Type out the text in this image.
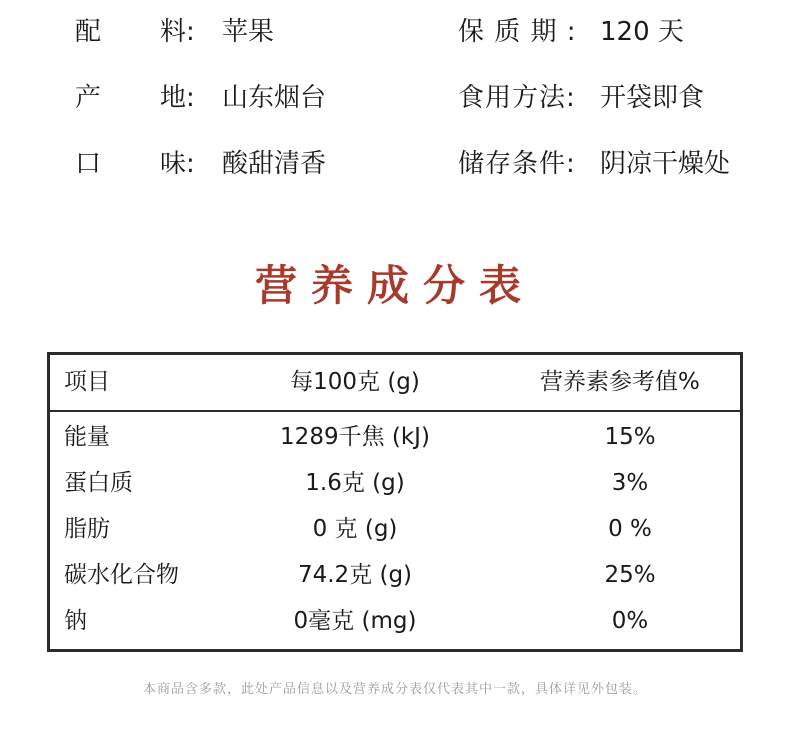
配 料: 苹果	保 质 期 : 120 天
产 地: 山东烟台	食用方法: 开袋即食
口 味: 酸甜清香	储存条件: 阴凉干燥处
营养成分表
项目	每100克 (g)	营养素参考值%
能量	1289千焦 (kJ)	15%
蛋白质	1.6克 (g)	3%
脂肪	0 克 (g)	0 %
碳水化合物	74.2克 (g)	25%
钠	0毫克 (mg)	0%
本商品含多款，此处产品信息以及营养成分表仅代表其中一款，具体详见外包装。
